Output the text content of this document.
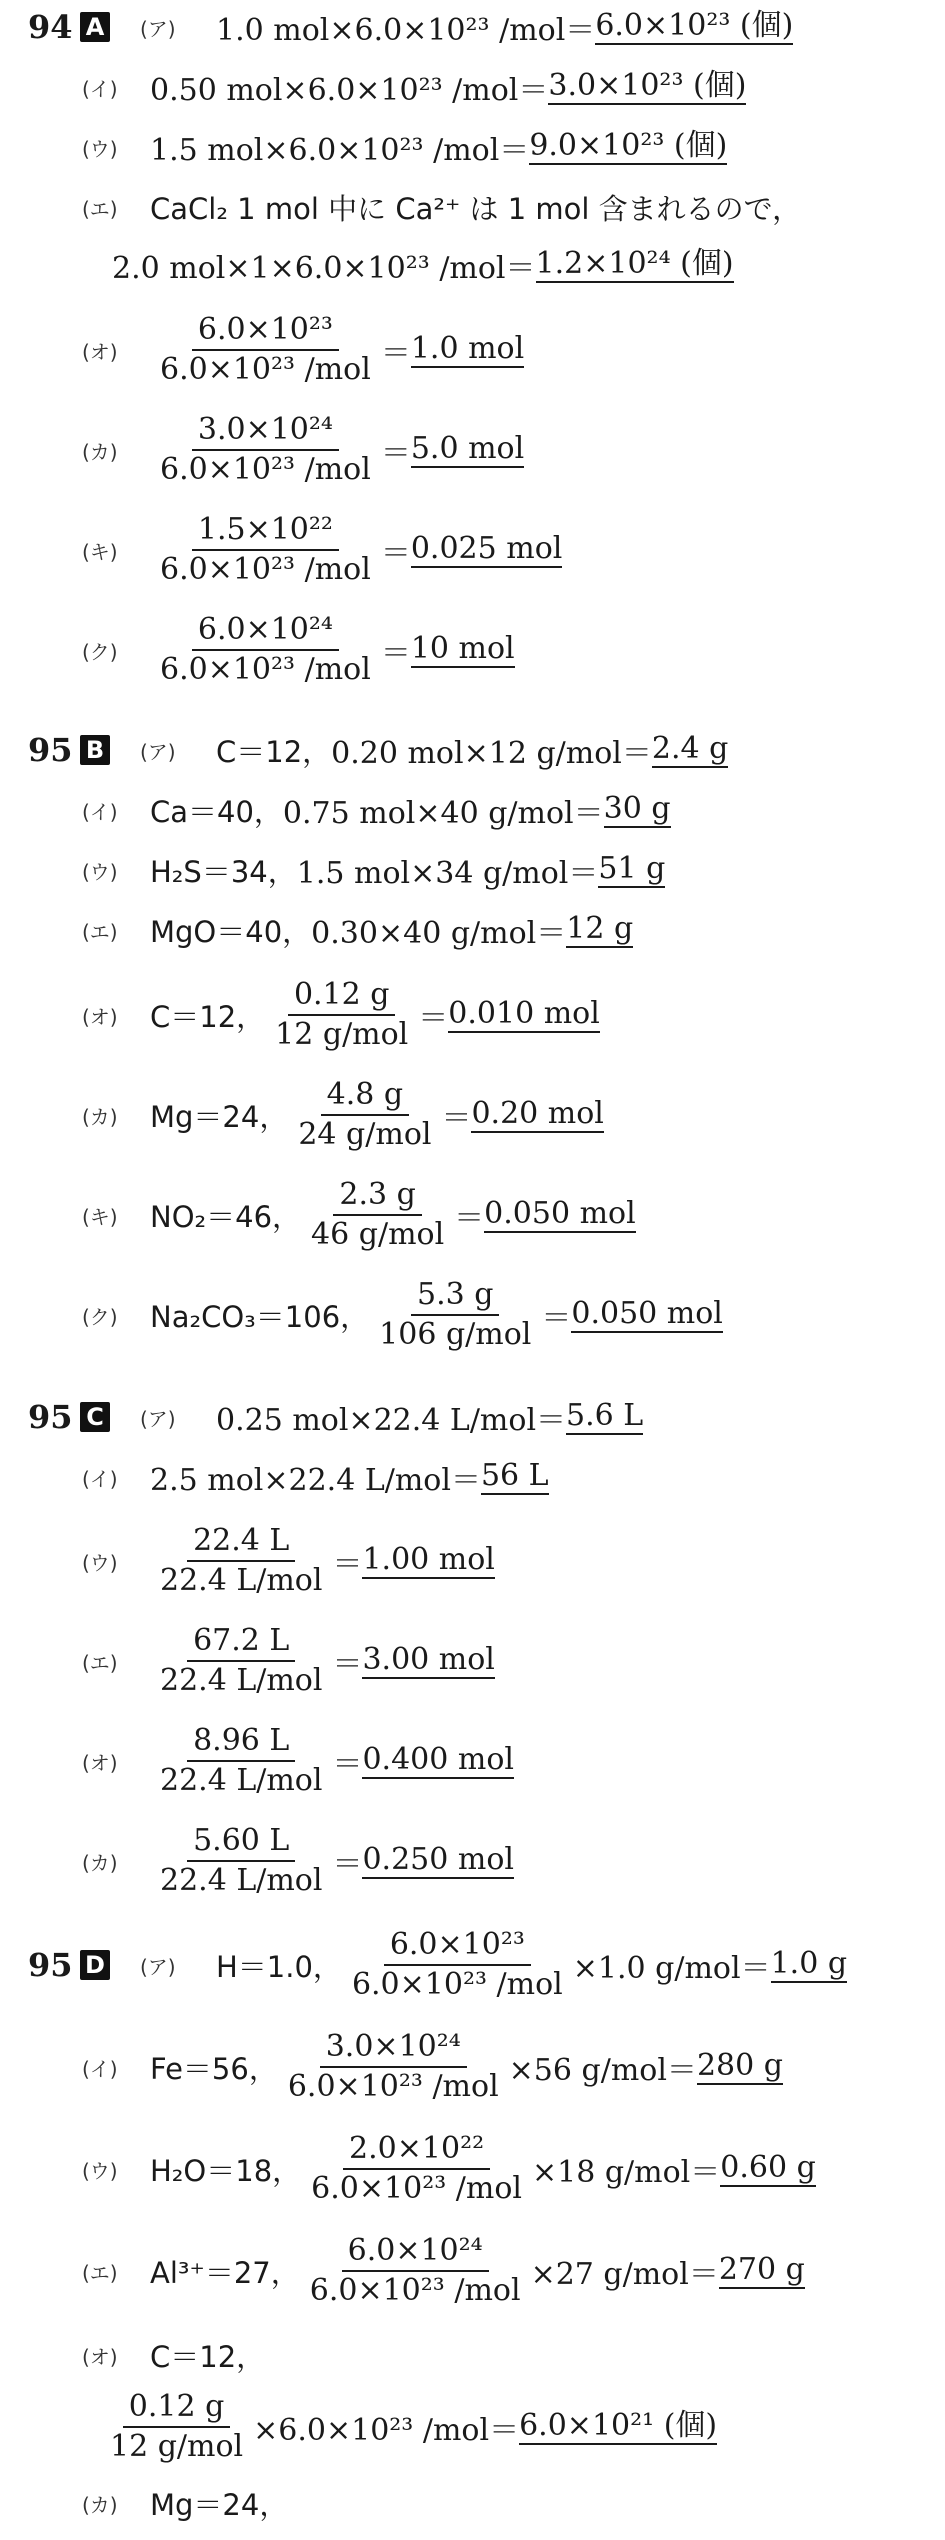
94 A (ア)	1.0 mol×6.0×10²³ /mol＝ 6.0×10²³ (個)
(イ)	0.50 mol×6.0×10²³ /mol＝ 3.0×10²³ (個)
(ウ)	1.5 mol×6.0×10²³ /mol＝ 9.0×10²³ (個)
(エ)	CaCl₂ 1 mol 中に Ca²⁺ は 1 mol 含まれるので，
2.0 mol×1×6.0×10²³ /mol＝ 1.2×10²⁴ (個)
(オ)	$\frac{\text{6.0×10²³}}{\text{6.0×10²³ /mol}} = 1.0$ mol
(カ)	$\frac{\text{3.0×10²⁴}}{\text{6.0×10²³ /mol}} = 5.0$ mol
(キ)	$\frac{\text{1.5×10²²}}{\text{6.0×10²³ /mol}} = 0.025$ mol
(ク)	$\frac{\text{6.0×10²⁴}}{\text{6.0×10²³ /mol}} = 10$ mol
95 B (ア)	C＝12， 0.20 mol×12 g/mol＝ 2.4 g
(イ)	Ca＝40， 0.75 mol×40 g/mol＝ 30 g
(ウ)	H₂S＝34， 1.5 mol×34 g/mol＝ 51 g
(エ)	MgO＝40， 0.30×40 g/mol＝ 12 g
(オ)	C＝12， $\frac{0.12 g}{\text{12 g/mol}} = 0.010$ mol
(カ)	Mg＝24， $\frac{4.8 g}{\text{24 g/mol}} = 0.20$ mol
(キ)	NO₂＝46， $\frac{2.3 g}{\text{46 g/mol}} = 0.050$ mol
(ク)	Na₂CO₃＝106， $\frac{5.3 g}{\text{106 g/mol}} = 0.050$ mol
95 C	(ア)	0.25 mol×22.4 L/mol＝ 5.6 L
(イ)	2.5 mol×22.4 L/mol＝ 56 L
(ウ)	$\frac{22.4 L}{\text{22.4 L/mol}} = 1.00$ mol
(エ)	$\frac{67.2 L}{\text{22.4 L/mol}} = 3.00$ mol
(オ)	$\frac{8.96 L}{\text{22.4 L/mol}} = 0.400$ mol
(カ)	$\frac{5.60 L}{\text{22.4 L/mol}} = 0.250$ mol
95 D (ア)	H＝1.0， $\frac{\text{6.0×10²³}}{\text{6.0×10²³ /mol}} \times 1.0$ g/mol＝ 1.0 g
(イ)	Fe＝56， $\frac{\text{3.0×10²⁴}}{\text{6.0×10²³ /mol}} \times 56$ g/mol＝ 280 g
(ウ)	H₂O＝18， $\frac{\text{2.0×10²²}}{\text{6.0×10²³ /mol}} \times 18$ g/mol＝ 0.60 g
(エ)	Al³⁺＝27， $\frac{\text{6.0×10²⁴}}{\text{6.0×10²³ /mol}} \times 27$ g/mol＝ 270 g
(オ)	C＝12，
$\frac{0.12 g}{\text{12 g/mol}} \times 6.0\times 10^{23}$ /mol＝ 6.0×10²¹ (個)
(カ)	Mg＝24，
